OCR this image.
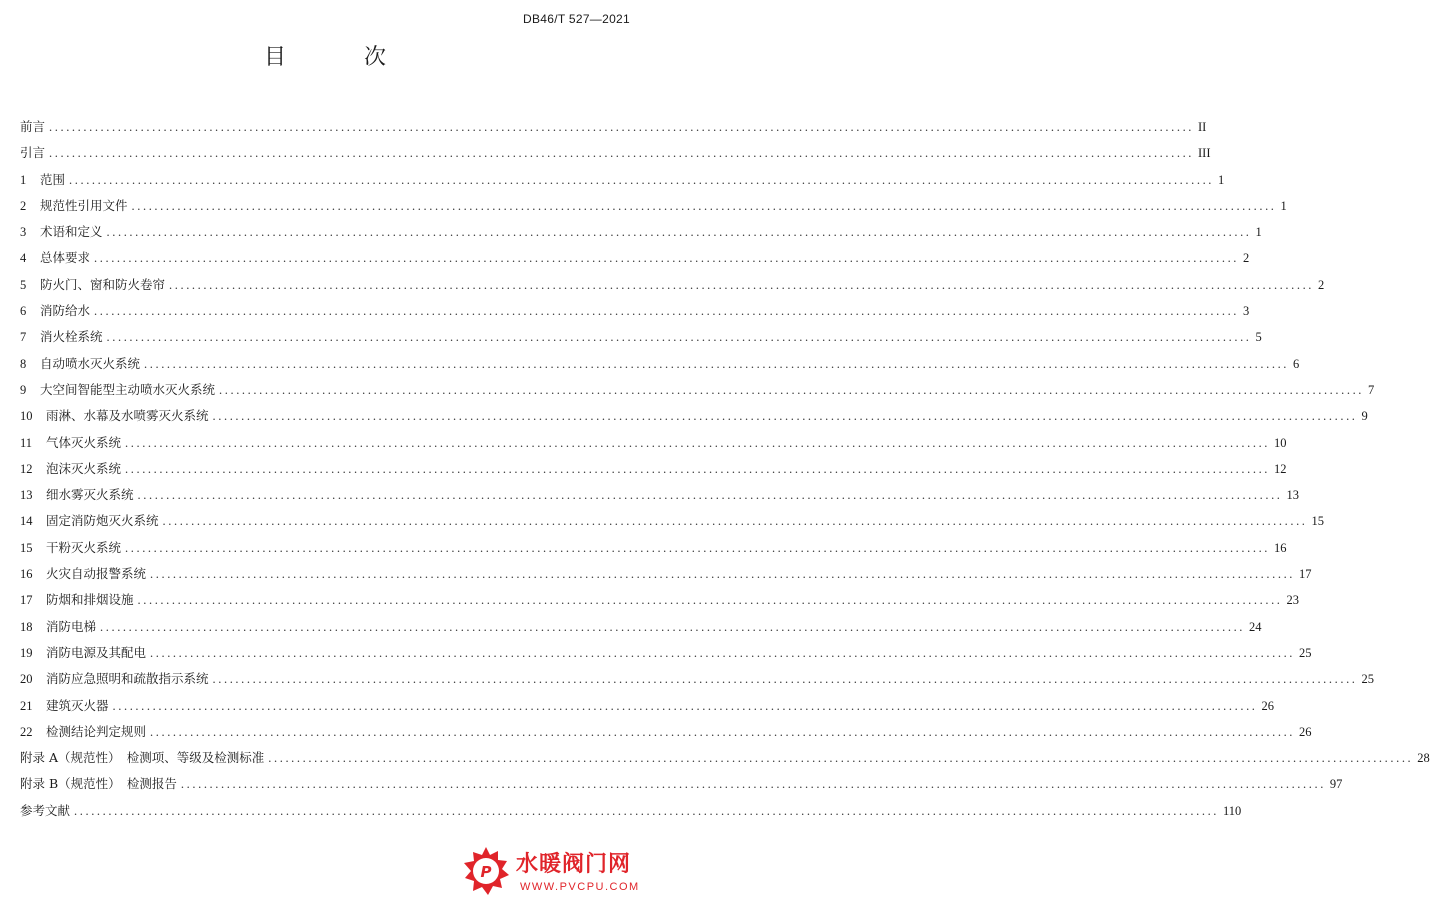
DB46/T 527—2021
目　次
前言 ........................................................................................................................................................................................................ II
引言 ........................................................................................................................................................................................................ III
1	范围 ........................................................................................................................................................................................................ 1
2	规范性引用文件 ........................................................................................................................................................................................................ 1
3	术语和定义 ........................................................................................................................................................................................................ 1
4	总体要求 ........................................................................................................................................................................................................ 2
5	防火门、窗和防火卷帘 ........................................................................................................................................................................................................ 2
6	消防给水 ........................................................................................................................................................................................................ 3
7	消火栓系统 ........................................................................................................................................................................................................ 5
8	自动喷水灭火系统 ........................................................................................................................................................................................................ 6
9	大空间智能型主动喷水灭火系统 ........................................................................................................................................................................................................ 7
10	雨淋、水幕及水喷雾灭火系统 ........................................................................................................................................................................................................ 9
11	气体灭火系统 ........................................................................................................................................................................................................ 10
12	泡沫灭火系统 ........................................................................................................................................................................................................ 12
13	细水雾灭火系统 ........................................................................................................................................................................................................ 13
14	固定消防炮灭火系统 ........................................................................................................................................................................................................ 15
15	干粉灭火系统 ........................................................................................................................................................................................................ 16
16	火灾自动报警系统 ........................................................................................................................................................................................................ 17
17	防烟和排烟设施 ........................................................................................................................................................................................................ 23
18	消防电梯 ........................................................................................................................................................................................................ 24
19	消防电源及其配电 ........................................................................................................................................................................................................ 25
20	消防应急照明和疏散指示系统 ........................................................................................................................................................................................................ 25
21	建筑灭火器 ........................................................................................................................................................................................................ 26
22	检测结论判定规则 ........................................................................................................................................................................................................ 26
附录 A（规范性）　检测项、等级及检测标准 ........................................................................................................................................................................................................ 28
附录 B（规范性）　检测报告 ........................................................................................................................................................................................................ 97
参考文献 ........................................................................................................................................................................................................ 110
P 水暖阀门网
WWW.PVCPU.COM
